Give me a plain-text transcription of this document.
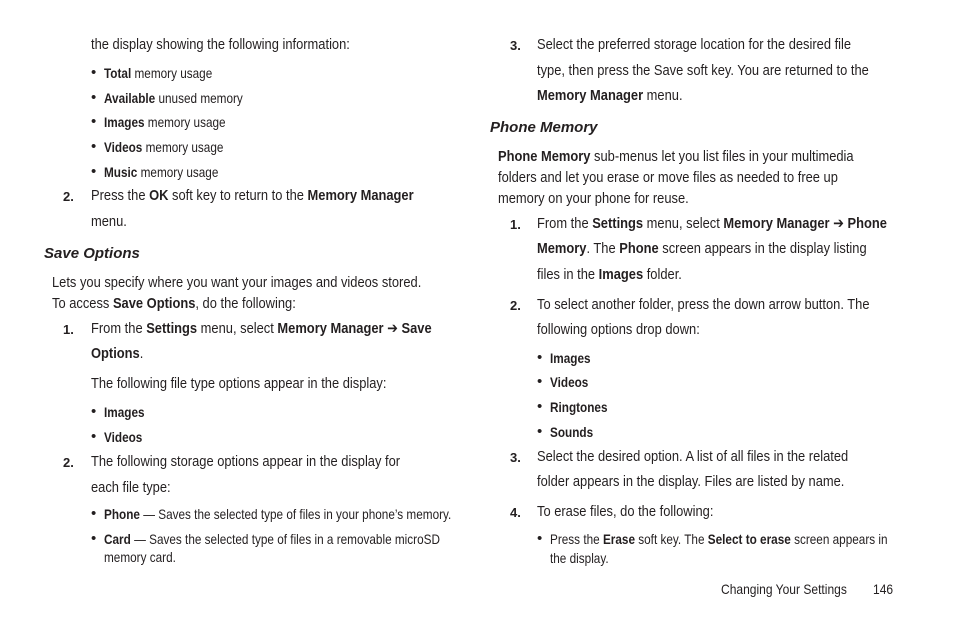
the display showing the following information:
• Total memory usage
• Available unused memory
• Images memory usage
• Videos memory usage
• Music memory usage
2. Press the OK soft key to return to the Memory Manager
menu.
Save Options
Lets you specify where you want your images and videos stored.
To access Save Options, do the following:
1. From the Settings menu, select Memory Manager ➔ Save
Options.
The following file type options appear in the display:
• Images
• Videos
2. The following storage options appear in the display for
each file type:
• Phone — Saves the selected type of files in your phone’s memory.
• Card — Saves the selected type of files in a removable microSD
memory card.
3. Select the preferred storage location for the desired file
type, then press the Save soft key. You are returned to the
Memory Manager menu.
Phone Memory
Phone Memory sub-menus let you list files in your multimedia
folders and let you erase or move files as needed to free up
memory on your phone for reuse.
1. From the Settings menu, select Memory Manager ➔ Phone
Memory. The Phone screen appears in the display listing
files in the Images folder.
2. To select another folder, press the down arrow button. The
following options drop down:
• Images
• Videos
• Ringtones
• Sounds
3. Select the desired option. A list of all files in the related
folder appears in the display. Files are listed by name.
4. To erase files, do the following:
• Press the Erase soft key. The Select to erase screen appears in
the display.
Changing Your Settings 146
